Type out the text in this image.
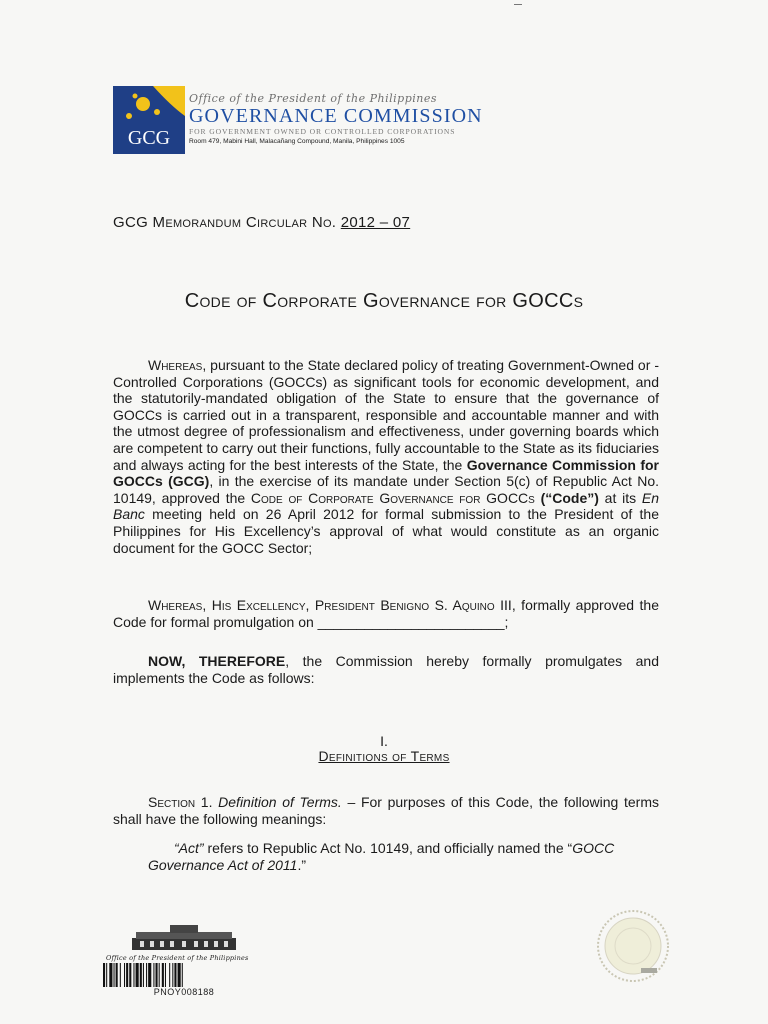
GCG
Office of the President of the Philippines
GOVERNANCE COMMISSION
FOR GOVERNMENT OWNED OR CONTROLLED CORPORATIONS
Room 479, Mabini Hall, Malacañang Compound, Manila, Philippines 1005
GCG Memorandum Circular No. 2012 – 07
Code of Corporate Governance for GOCCs
Whereas, pursuant to the State declared policy of treating Government-Owned or -Controlled Corporations (GOCCs) as significant tools for economic development, and the statutorily-mandated obligation of the State to ensure that the governance of GOCCs is carried out in a transparent, responsible and accountable manner and with the utmost degree of professionalism and effectiveness, under governing boards which are competent to carry out their functions, fully accountable to the State as its fiduciaries and always acting for the best interests of the State, the Governance Commission for GOCCs (GCG), in the exercise of its mandate under Section 5(c) of Republic Act No. 10149, approved the Code of Corporate Governance for GOCCs (“Code”) at its En Banc meeting held on 26 April 2012 for formal submission to the President of the Philippines for His Excellency’s approval of what would constitute as an organic document for the GOCC Sector;
Whereas, His Excellency, President Benigno S. Aquino III, formally approved the Code for formal promulgation on ________________________;
NOW, THEREFORE, the Commission hereby formally promulgates and implements the Code as follows:
I.
Definitions of Terms
Section 1. Definition of Terms. – For purposes of this Code, the following terms shall have the following meanings:
“Act” refers to Republic Act No. 10149, and officially named the “GOCC Governance Act of 2011.”
Office of the President of the Philippines
PNOY008188
